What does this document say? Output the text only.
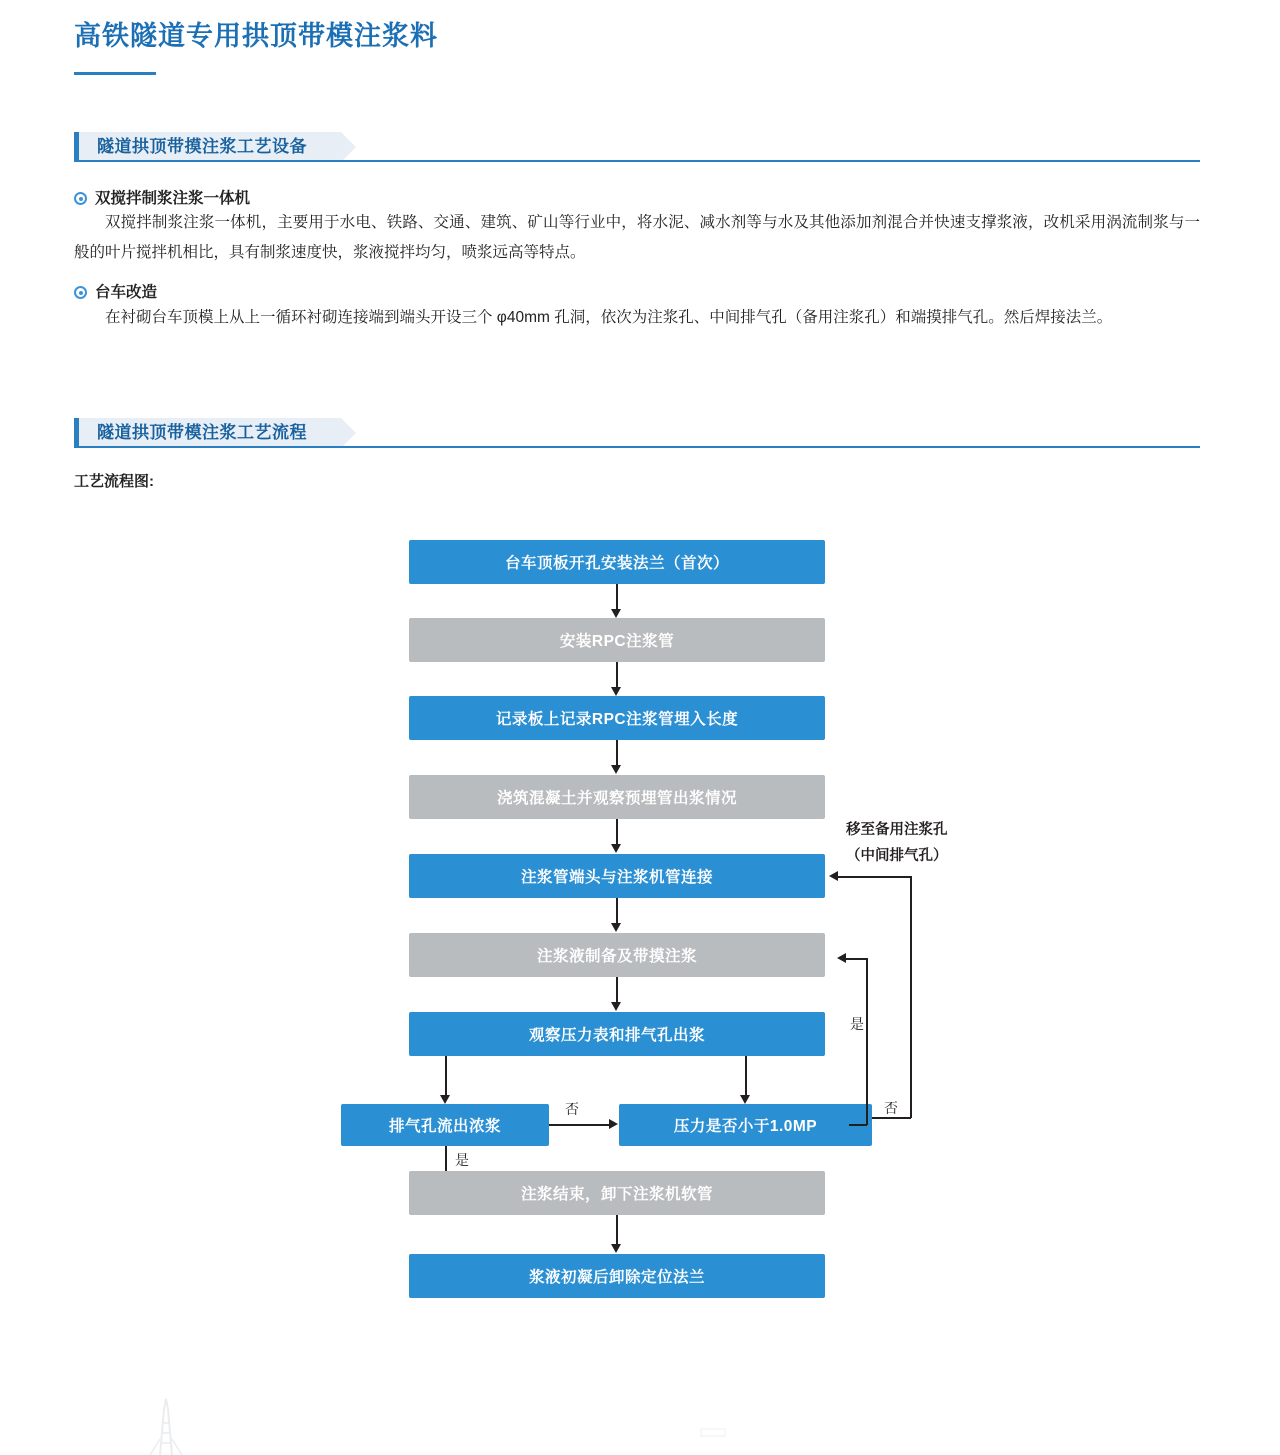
高铁隧道专用拱顶带模注浆料
隧道拱顶带摸注浆工艺设备
双搅拌制浆注浆一体机
双搅拌制浆注浆一体机，主要用于水电、铁路、交通、建筑、矿山等行业中，将水泥、减水剂等与水及其他添加剂混合并快速支撑浆液，改机采用涡流制浆与一般的叶片搅拌机相比，具有制浆速度快，浆液搅拌均匀，喷浆远高等特点。
台车改造
在衬砌台车顶模上从上一循环衬砌连接端到端头开设三个 φ40mm 孔洞，依次为注浆孔、中间排气孔（备用注浆孔）和端摸排气孔。然后焊接法兰。
隧道拱顶带模注浆工艺流程
工艺流程图:
台车顶板开孔安装法兰（首次）
安装RPC注浆管
记录板上记录RPC注浆管埋入长度
浇筑混凝土并观察预埋管出浆情况
注浆管端头与注浆机管连接
注浆液制备及带摸注浆
观察压力表和排气孔出浆
排气孔流出浓浆
否
压力是否小于1.0MP
是
否
移至备用注浆孔
（中间排气孔）
是
注浆结束，卸下注浆机软管
浆液初凝后卸除定位法兰
